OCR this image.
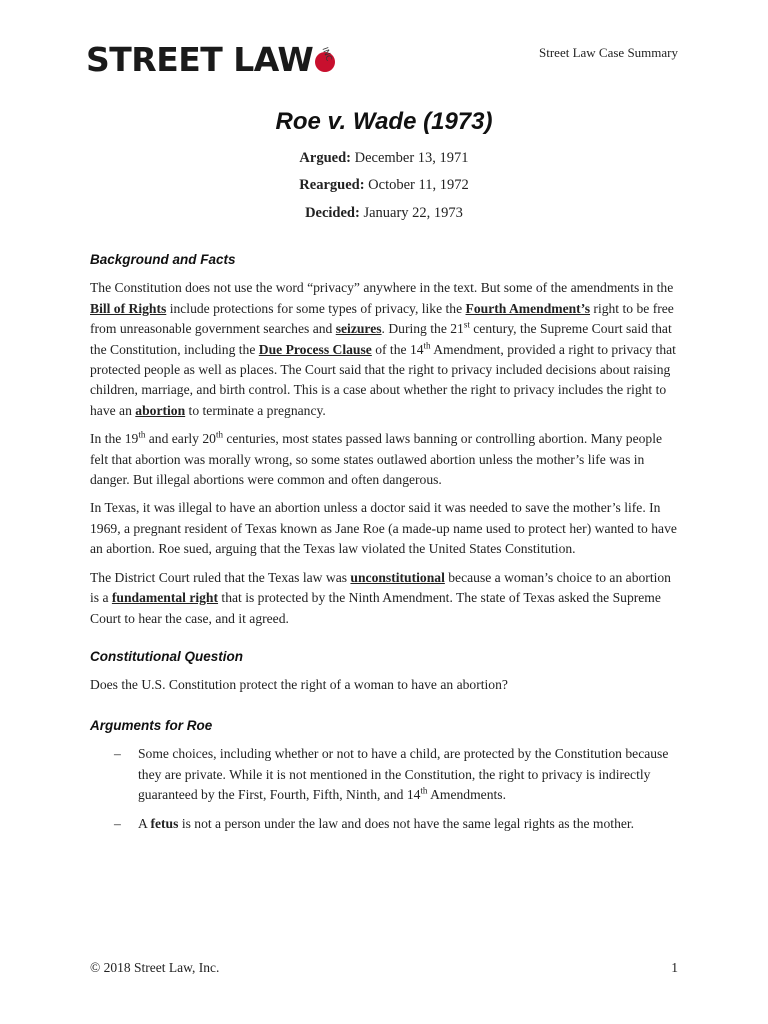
STREET LAW INC	Street Law Case Summary
Roe v. Wade (1973)
Argued: December 13, 1971
Reargued: October 11, 1972
Decided: January 22, 1973
Background and Facts

The Constitution does not use the word “privacy” anywhere in the text. But some of the amendments in the Bill of Rights include protections for some types of privacy, like the Fourth Amendment’s right to be free from unreasonable government searches and seizures. During the 21st century, the Supreme Court said that the Constitution, including the Due Process Clause of the 14th Amendment, provided a right to privacy that protected people as well as places. The Court said that the right to privacy included decisions about raising children, marriage, and birth control. This is a case about whether the right to privacy includes the right to have an abortion to terminate a pregnancy.

In the 19th and early 20th centuries, most states passed laws banning or controlling abortion. Many people felt that abortion was morally wrong, so some states outlawed abortion unless the mother’s life was in danger. But illegal abortions were common and often dangerous.

In Texas, it was illegal to have an abortion unless a doctor said it was needed to save the mother’s life. In 1969, a pregnant resident of Texas known as Jane Roe (a made-up name used to protect her) wanted to have an abortion. Roe sued, arguing that the Texas law violated the United States Constitution.

The District Court ruled that the Texas law was unconstitutional because a woman’s choice to an abortion is a fundamental right that is protected by the Ninth Amendment. The state of Texas asked the Supreme Court to hear the case, and it agreed.

Constitutional Question

Does the U.S. Constitution protect the right of a woman to have an abortion?

Arguments for Roe
– Some choices, including whether or not to have a child, are protected by the Constitution because they are private. While it is not mentioned in the Constitution, the right to privacy is indirectly guaranteed by the First, Fourth, Fifth, Ninth, and 14th Amendments.
– A fetus is not a person under the law and does not have the same legal rights as the mother.
© 2018 Street Law, Inc.	1
